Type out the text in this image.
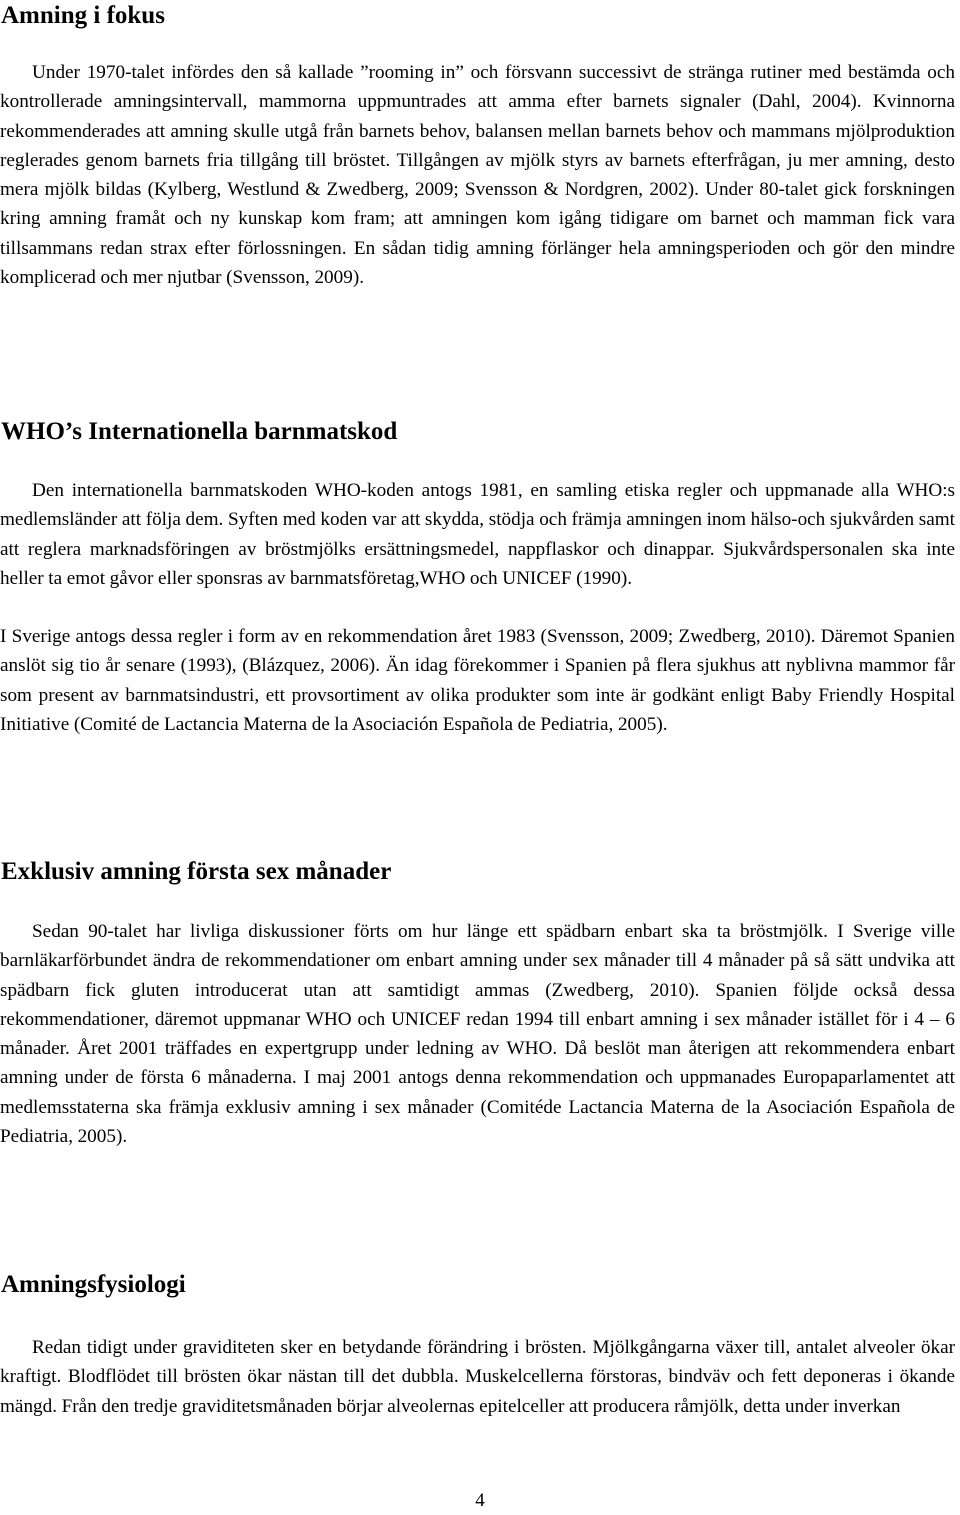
Amning i fokus

Under 1970-talet infördes den så kallade ”rooming in” och försvann successivt de stränga rutiner med bestämda och kontrollerade amningsintervall, mammorna uppmuntrades att amma efter barnets signaler (Dahl, 2004). Kvinnorna rekommenderades att amning skulle utgå från barnets behov, balansen mellan barnets behov och mammans mjölproduktion reglerades genom barnets fria tillgång till bröstet. Tillgången av mjölk styrs av barnets efterfrågan, ju mer amning, desto mera mjölk bildas (Kylberg, Westlund & Zwedberg, 2009; Svensson & Nordgren, 2002). Under 80-talet gick forskningen kring amning framåt och ny kunskap kom fram; att amningen kom igång tidigare om barnet och mamman fick vara tillsammans redan strax efter förlossningen. En sådan tidig amning förlänger hela amningsperioden och gör den mindre komplicerad och mer njutbar (Svensson, 2009).

WHO’s Internationella barnmatskod

Den internationella barnmatskoden WHO-koden antogs 1981, en samling etiska regler och uppmanade alla WHO:s medlemsländer att följa dem. Syften med koden var att skydda, stödja och främja amningen inom hälso-och sjukvården samt att reglera marknadsföringen av bröstmjölks ersättningsmedel, nappflaskor och dinappar. Sjukvårdspersonalen ska inte heller ta emot gåvor eller sponsras av barnmatsföretag,WHO och UNICEF (1990).

I Sverige antogs dessa regler i form av en rekommendation året 1983 (Svensson, 2009; Zwedberg, 2010). Däremot Spanien anslöt sig tio år senare (1993), (Blázquez, 2006). Än idag förekommer i Spanien på flera sjukhus att nyblivna mammor får som present av barnmatsindustri, ett provsortiment av olika produkter som inte är godkänt enligt Baby Friendly Hospital Initiative (Comité de Lactancia Materna de la Asociación Española de Pediatria, 2005).

Exklusiv amning första sex månader

Sedan 90-talet har livliga diskussioner förts om hur länge ett spädbarn enbart ska ta bröstmjölk. I Sverige ville barnläkarförbundet ändra de rekommendationer om enbart amning under sex månader till 4 månader på så sätt undvika att spädbarn fick gluten introducerat utan att samtidigt ammas (Zwedberg, 2010). Spanien följde också dessa rekommendationer, däremot uppmanar WHO och UNICEF redan 1994 till enbart amning i sex månader istället för i 4 – 6 månader. Året 2001 träffades en expertgrupp under ledning av WHO. Då beslöt man återigen att rekommendera enbart amning under de första 6 månaderna. I maj 2001 antogs denna rekommendation och uppmanades Europaparlamentet att medlemsstaterna ska främja exklusiv amning i sex månader (Comitéde Lactancia Materna de la Asociación Española de Pediatria, 2005).

Amningsfysiologi

Redan tidigt under graviditeten sker en betydande förändring i brösten. Mjölkgångarna växer till, antalet alveoler ökar kraftigt. Blodflödet till brösten ökar nästan till det dubbla. Muskelcellerna förstoras, bindväv och fett deponeras i ökande mängd. Från den tredje graviditetsmånaden börjar alveolernas epitelceller att producera råmjölk, detta under inverkan

4
